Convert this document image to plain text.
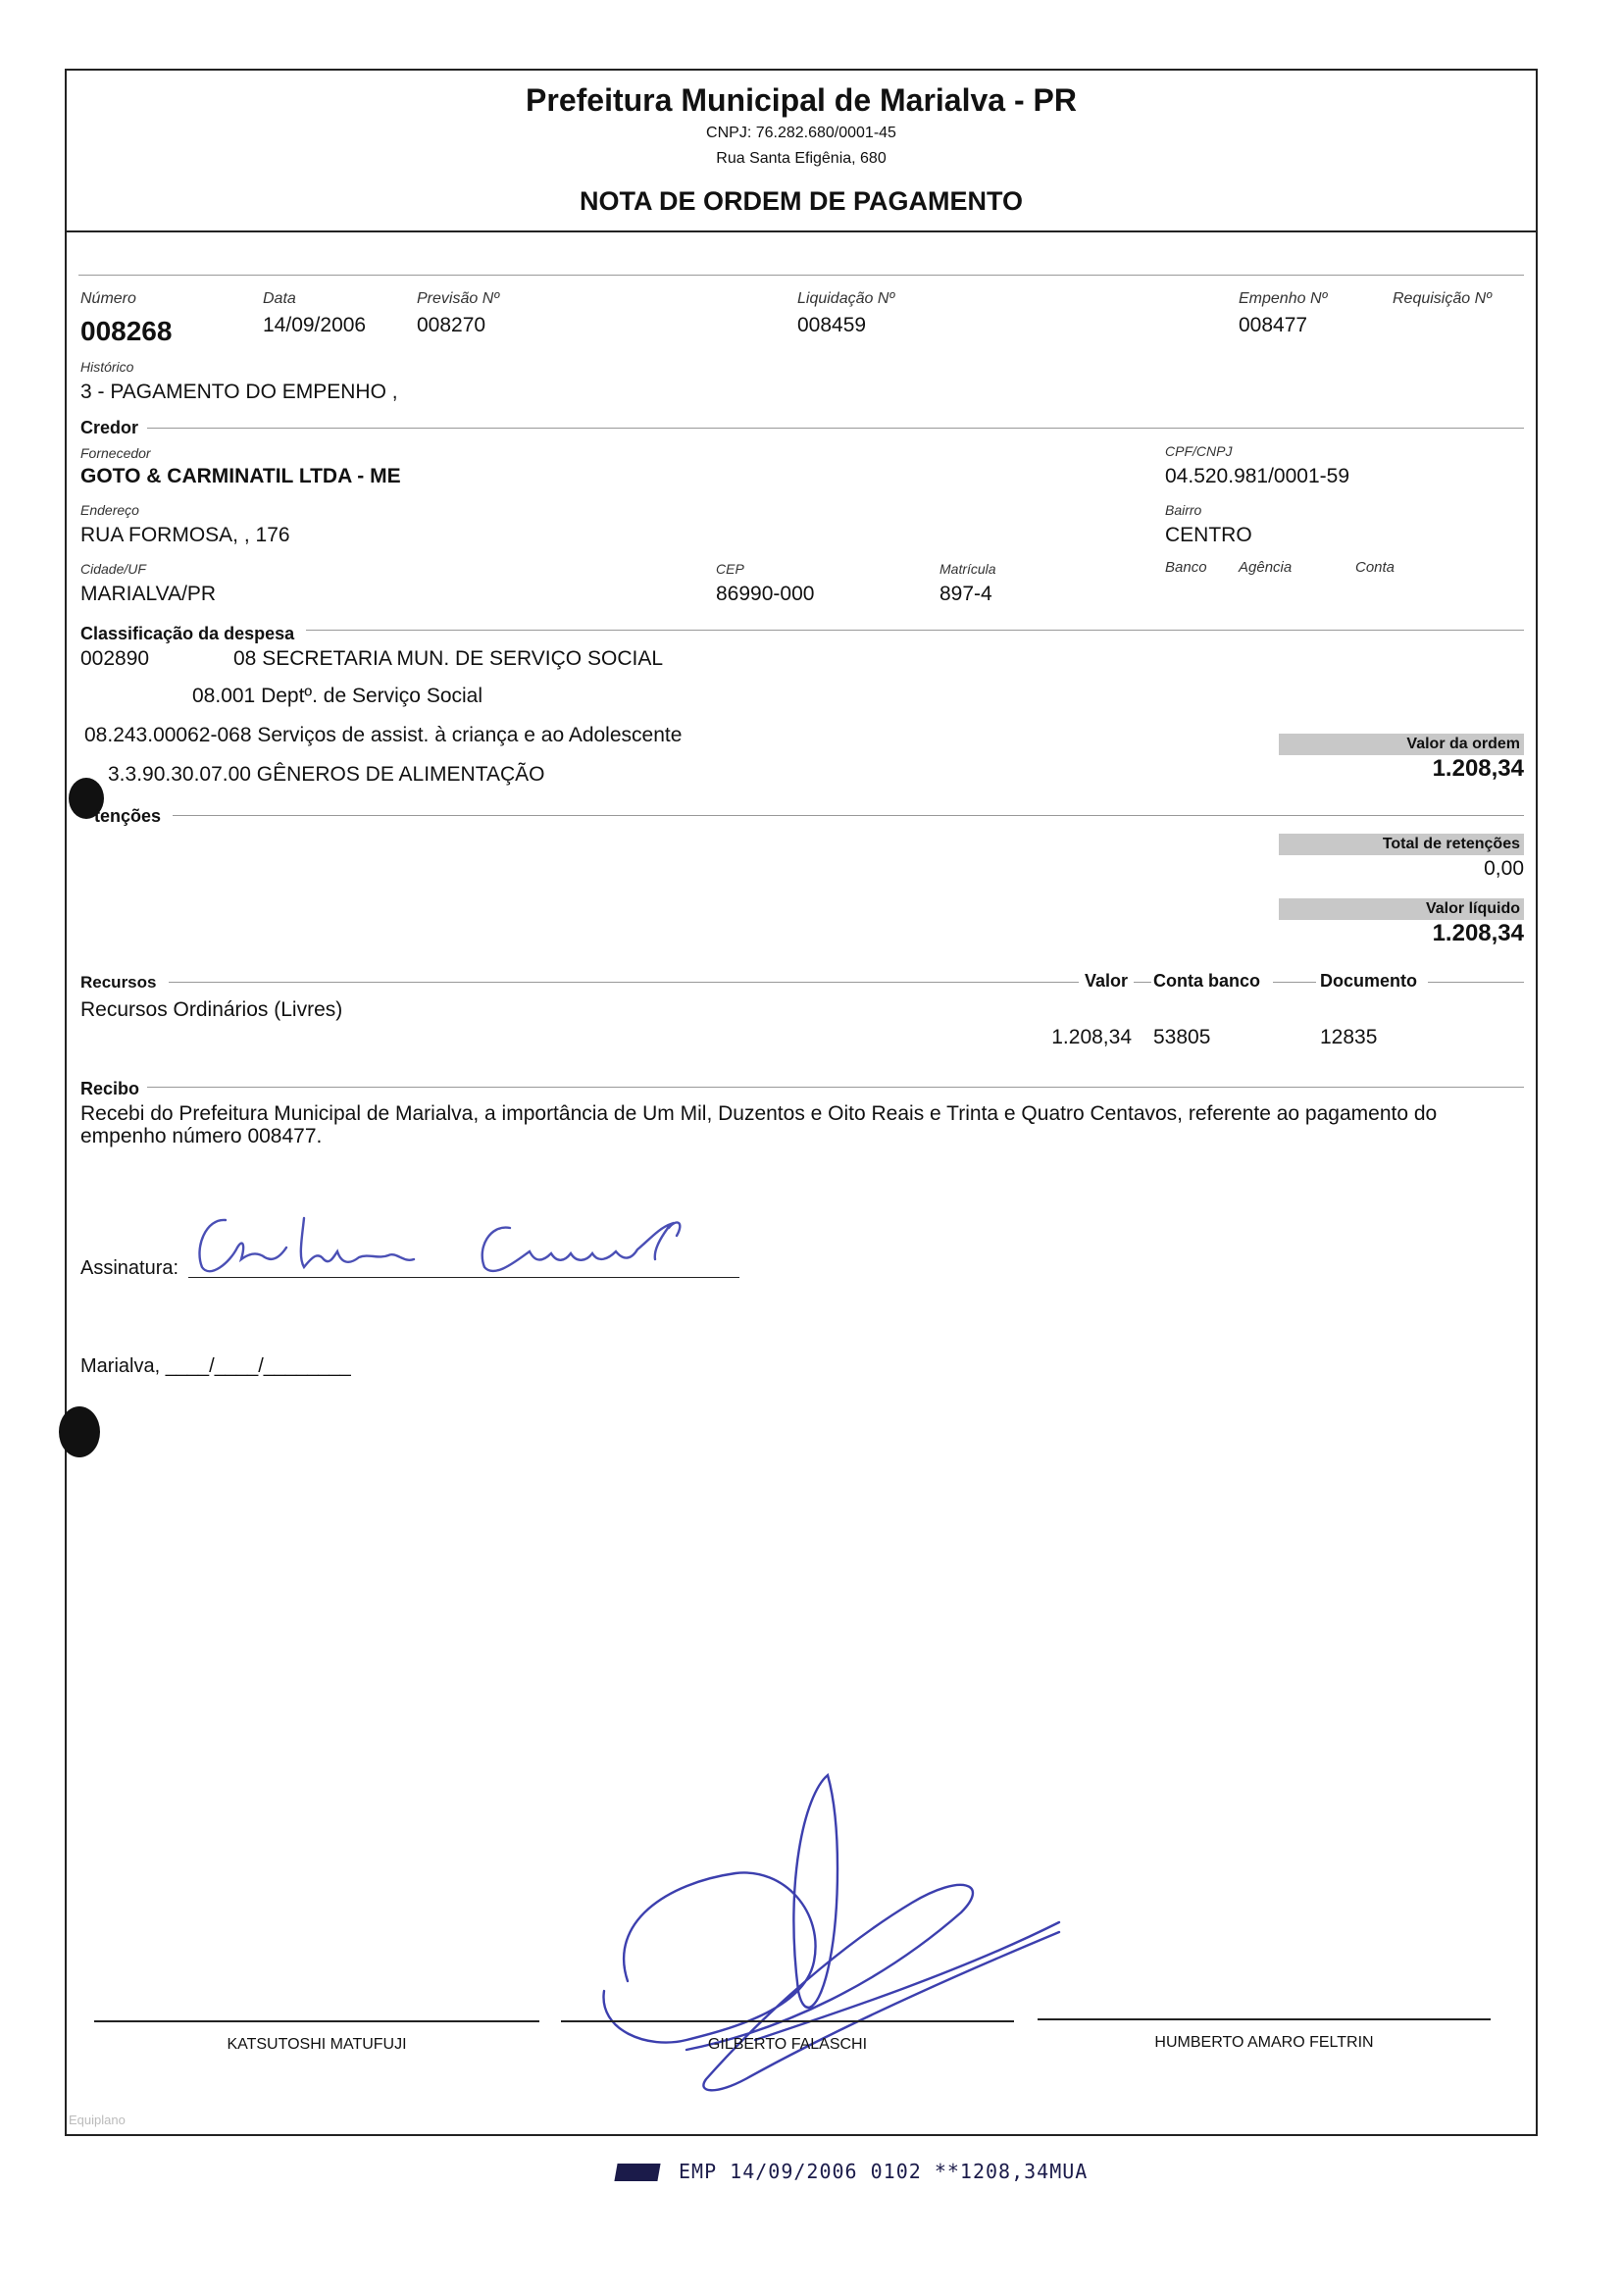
Prefeitura Municipal de Marialva - PR
CNPJ: 76.282.680/0001-45
Rua Santa Efigênia, 680
NOTA DE ORDEM DE PAGAMENTO
Número
008268
Data
14/09/2006
Previsão Nº
008270
Liquidação Nº
008459
Empenho Nº
008477
Requisição Nº
Histórico
3 - PAGAMENTO DO EMPENHO ,
Credor
Fornecedor
GOTO & CARMINATIL LTDA - ME
CPF/CNPJ
04.520.981/0001-59
Endereço
RUA FORMOSA, , 176
Bairro
CENTRO
Cidade/UF
MARIALVA/PR
CEP
86990-000
Matrícula
897-4
Banco Agência	Conta
Classificação da despesa
002890	08 SECRETARIA MUN. DE SERVIÇO SOCIAL
08.001 Deptº. de Serviço Social
08.243.00062-068 Serviços de assist. à criança e ao Adolescente
3.3.90.30.07.00 GÊNEROS DE ALIMENTAÇÃO
Valor da ordem
1.208,34
tenções
Total de retenções
0,00
Valor líquido
1.208,34
Recursos	Valor Conta banco	Documento
Recursos Ordinários (Livres)
1.208,34 53805	12835
Recibo
Recebi do Prefeitura Municipal de Marialva, a importância de Um Mil, Duzentos e Oito Reais e Trinta e Quatro Centavos, referente ao pagamento do empenho número 008477.
Assinatura:
Marialva, ____/____/________
KATSUTOSHI MATUFUJI	GILBERTO FALASCHI	HUMBERTO AMARO FELTRIN
Equiplano
EMP 14/09/2006 0102 **1208,34MUA
